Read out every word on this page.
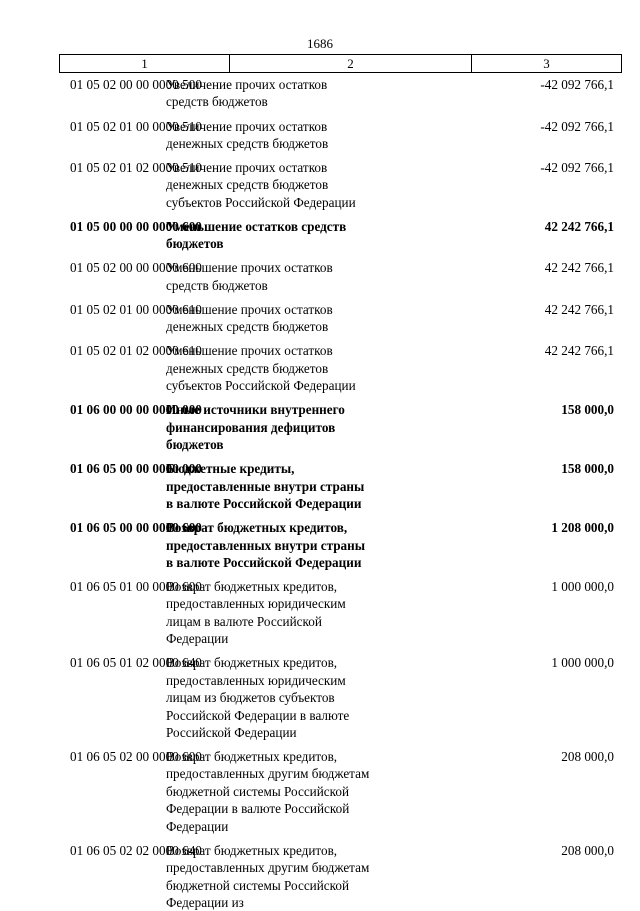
1686
1	2	3
01 05 02 00 00 0000 500
Увеличение прочих остатков средств бюджетов
-42 092 766,1
01 05 02 01 00 0000 510
Увеличение прочих остатков денежных средств бюджетов
-42 092 766,1
01 05 02 01 02 0000 510
Увеличение прочих остатков денежных средств бюджетов субъектов Российской Федерации
-42 092 766,1
01 05 00 00 00 0000 600
Уменьшение остатков средств бюджетов
42 242 766,1
01 05 02 00 00 0000 600
Уменьшение прочих остатков средств бюджетов
42 242 766,1
01 05 02 01 00 0000 610
Уменьшение прочих остатков денежных средств бюджетов
42 242 766,1
01 05 02 01 02 0000 610
Уменьшение прочих остатков денежных средств бюджетов субъектов Российской Федерации
42 242 766,1
01 06 00 00 00 0000 000
Иные источники внутреннего финансирования дефицитов бюджетов
158 000,0
01 06 05 00 00 0000 000
Бюджетные кредиты, предоставленные внутри страны в валюте Российской Федерации
158 000,0
01 06 05 00 00 0000 600
Возврат бюджетных кредитов, предоставленных внутри страны в валюте Российской Федерации
1 208 000,0
01 06 05 01 00 0000 600
Возврат бюджетных кредитов, предоставленных юридическим лицам в валюте Российской Федерации
1 000 000,0
01 06 05 01 02 0000 640
Возврат бюджетных кредитов, предоставленных юридическим лицам из бюджетов субъектов Российской Федерации в валюте Российской Федерации
1 000 000,0
01 06 05 02 00 0000 600
Возврат бюджетных кредитов, предоставленных другим бюджетам бюджетной системы Российской Федерации в валюте Российской Федерации
208 000,0
01 06 05 02 02 0000 640
Возврат бюджетных кредитов, предоставленных другим бюджетам бюджетной системы Российской Федерации из
208 000,0
